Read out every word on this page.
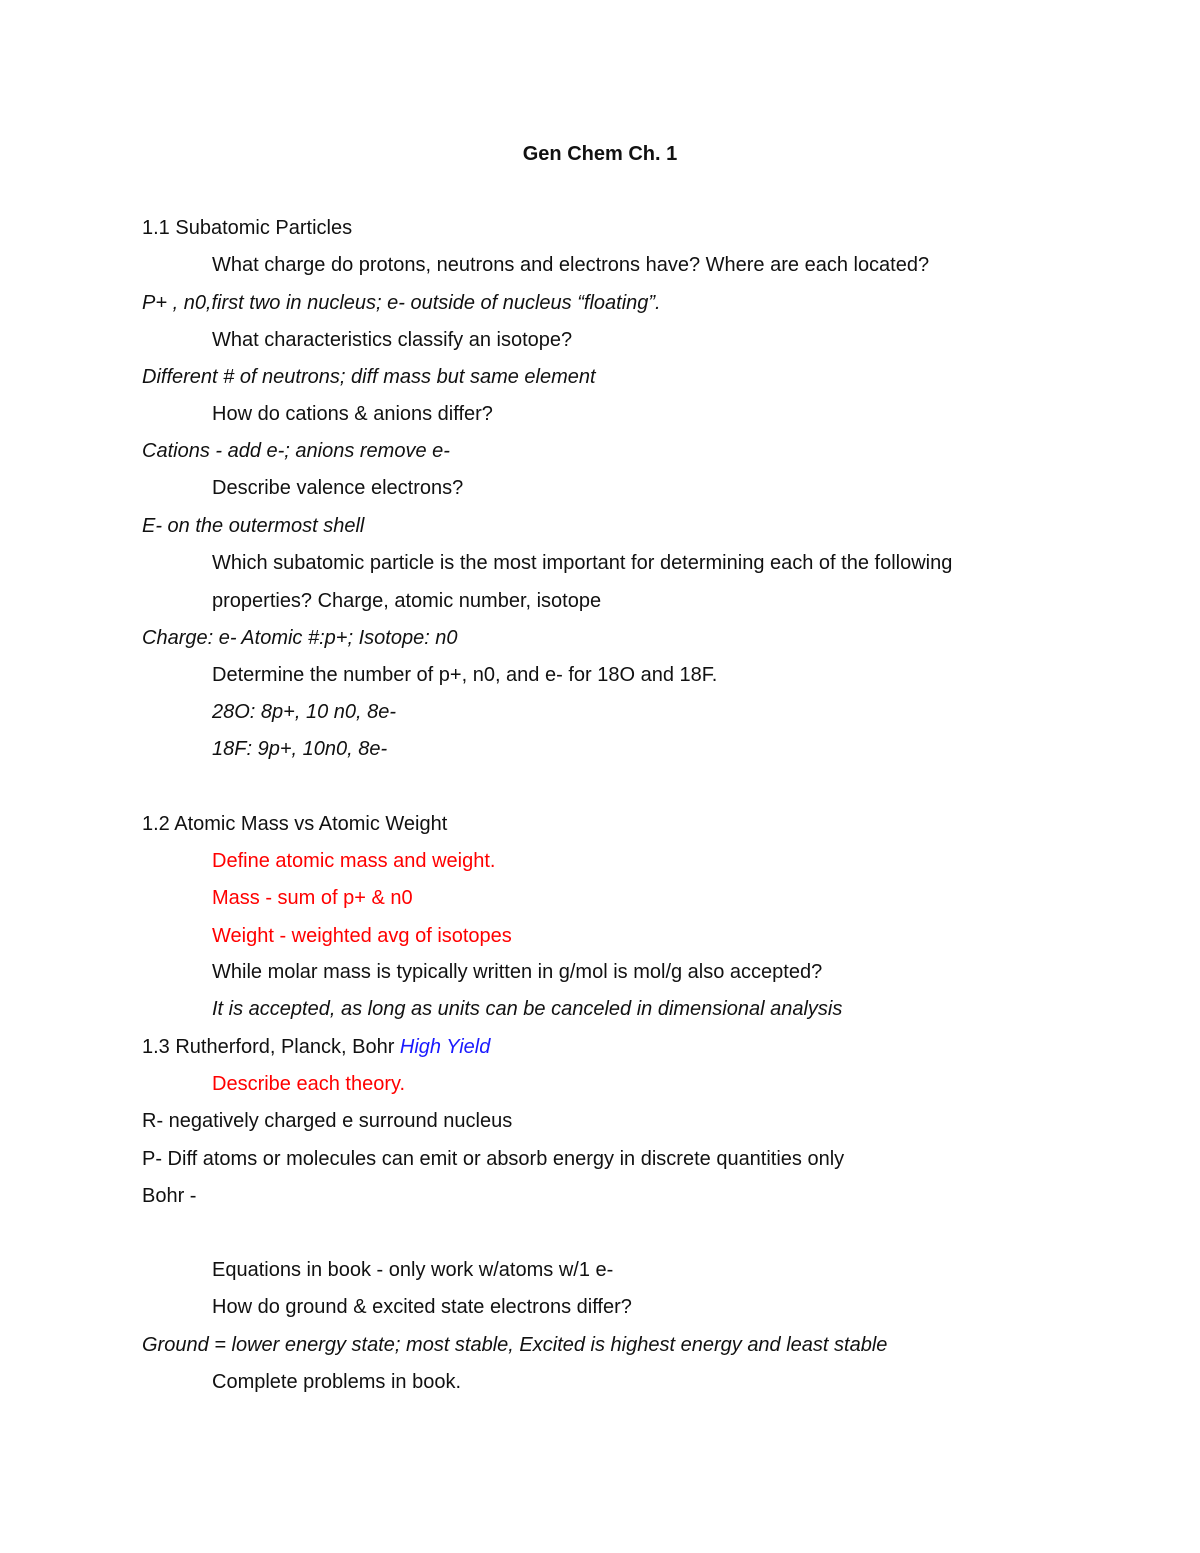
Gen Chem Ch. 1
1.1 Subatomic Particles
What charge do protons, neutrons and electrons have? Where are each located?
P+ , n0,first two in nucleus; e- outside of nucleus “floating”.
What characteristics classify an isotope?
Different # of neutrons; diff mass but same element
How do cations & anions differ?
Cations - add e-; anions remove e-
Describe valence electrons?
E- on the outermost shell
Which subatomic particle is the most important for determining each of the following
properties? Charge, atomic number, isotope
Charge: e- Atomic #:p+; Isotope: n0
Determine the number of p+, n0, and e- for 18O and 18F.
28O: 8p+, 10 n0, 8e-
18F: 9p+, 10n0, 8e-
1.2 Atomic Mass vs Atomic Weight
Define atomic mass and weight.
Mass - sum of p+ & n0
Weight - weighted avg of isotopes
While molar mass is typically written in g/mol is mol/g also accepted?
It is accepted, as long as units can be canceled in dimensional analysis
1.3 Rutherford, Planck, Bohr High Yield
Describe each theory.
R- negatively charged e surround nucleus
P- Diff atoms or molecules can emit or absorb energy in discrete quantities only
Bohr -
Equations in book - only work w/atoms w/1 e-
How do ground & excited state electrons differ?
Ground = lower energy state; most stable, Excited is highest energy and least stable
Complete problems in book.
